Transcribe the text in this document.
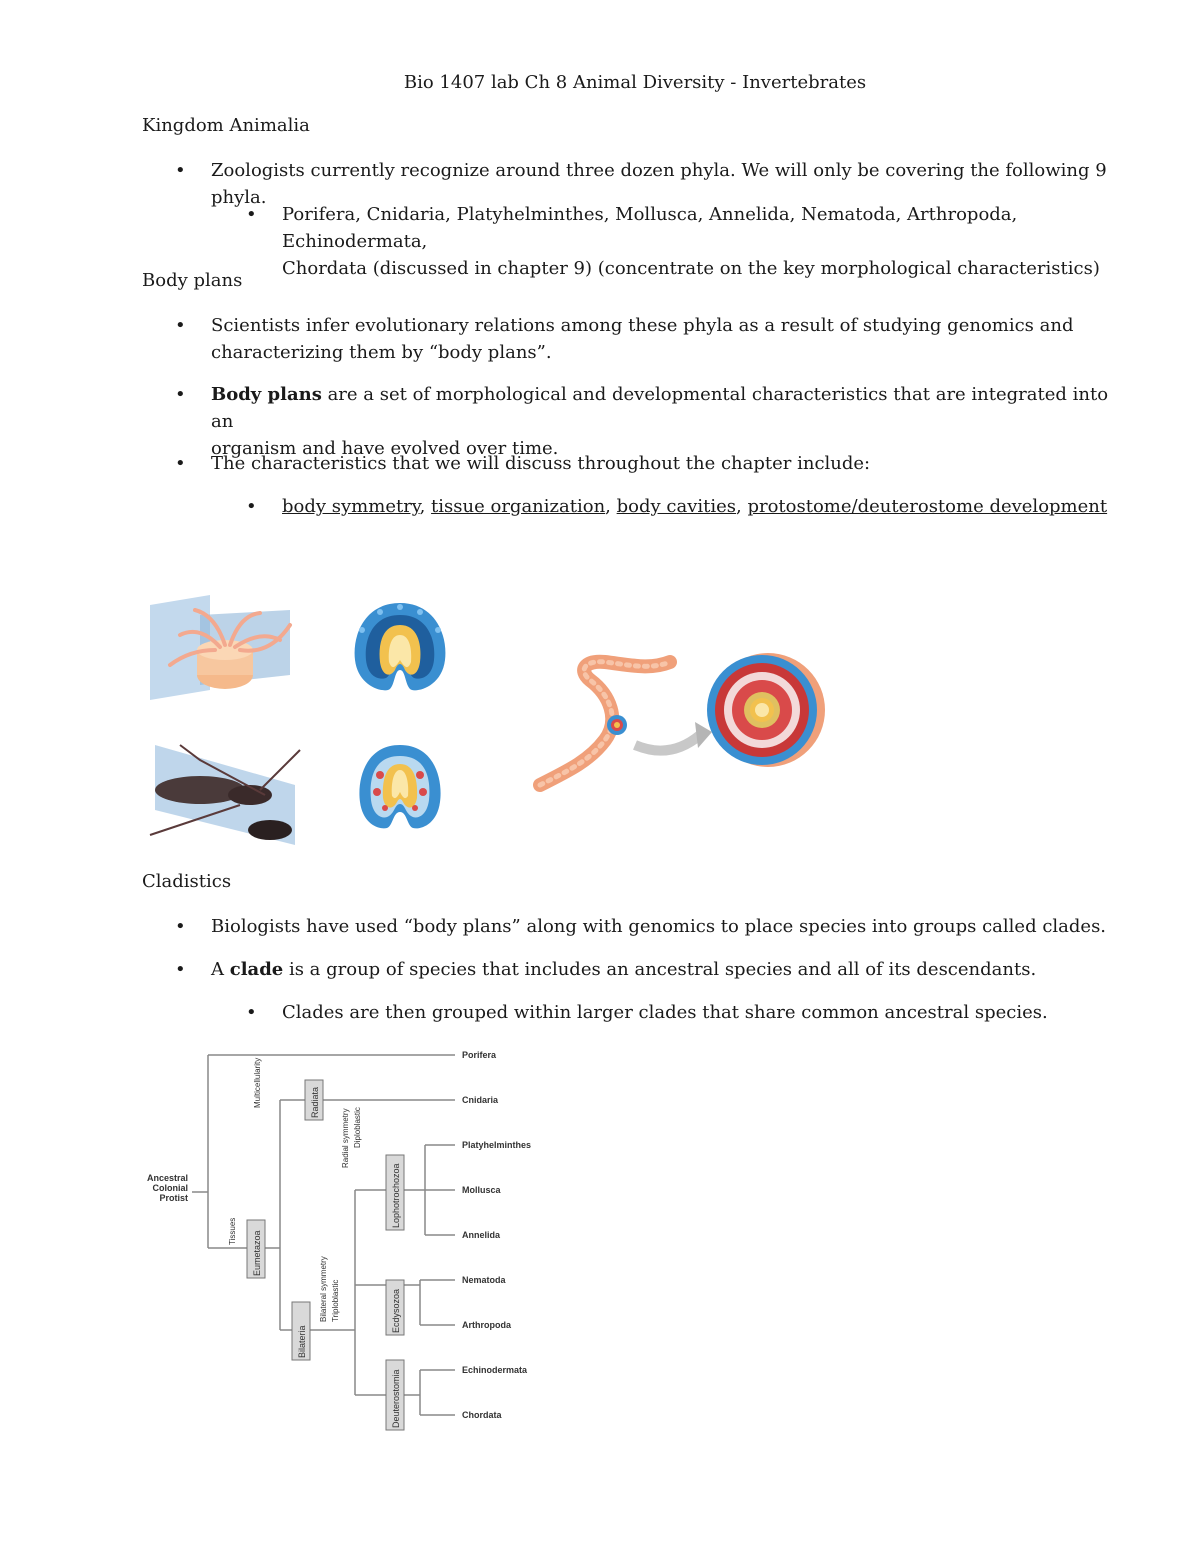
Bio 1407 lab Ch 8 Animal Diversity - Invertebrates
Kingdom Animalia
•	Zoologists currently recognize around three dozen phyla. We will only be covering the following 9 phyla.
•	Porifera, Cnidaria, Platyhelminthes, Mollusca, Annelida, Nematoda, Arthropoda, Echinodermata,
Chordata (discussed in chapter 9) (concentrate on the key morphological characteristics)
Body plans
•	Scientists infer evolutionary relations among these phyla as a result of studying genomics and
characterizing them by “body plans”.
•	Body plans are a set of morphological and developmental characteristics that are integrated into an
organism and have evolved over time.
•	The characteristics that we will discuss throughout the chapter include:
•	body symmetry, tissue organization, body cavities, protostome/deuterostome development
Cladistics
•	Biologists have used “body plans” along with genomics to place species into groups called clades.
•	A clade is a group of species that includes an ancestral species and all of its descendants.
•	Clades are then grouped within larger clades that share common ancestral species.
Ancestral
Colonial
Protist
Porifera
Cnidaria
Platyhelminthes
Mollusca
Annelida
Nematoda
Arthropoda
Echinodermata
Chordata
Radiata
Lophotrochozoa
Ecdysozoa
Deuterostomia
Bilateria
Eumetazoa
Multicellularity
Radial symmetry Diploblastic
Bilateral symmetry Triploblastic
Tissues
